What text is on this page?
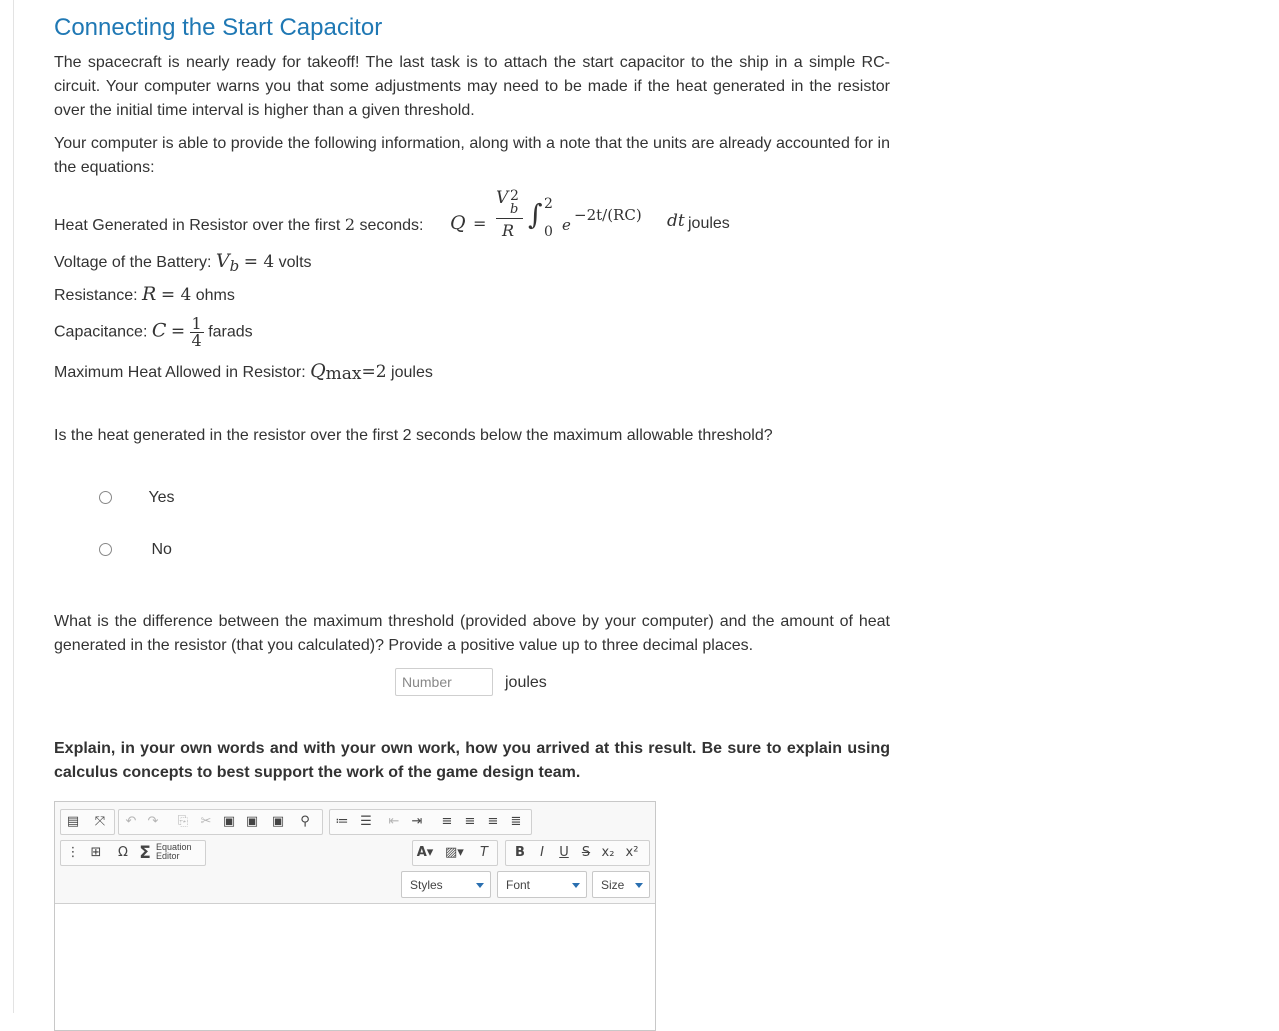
Connecting the Start Capacitor

The spacecraft is nearly ready for takeoff! The last task is to attach the start capacitor to the ship in a simple RC-circuit. Your computer warns you that some adjustments may need to be made if the heat generated in the resistor over the initial time interval is higher than a given threshold.

Your computer is able to provide the following information, along with a note that the units are already accounted for in the equations:

Heat Generated in Resistor over the first 2 seconds: Q =
V 2
b
R ∫ 2
0 e
−2t/(RC) dt joules
Voltage of the Battery: $V_b = 4$ volts
Resistance: R = 4 ohms
Capacitance: $C = \frac{1}{4}$ farads
Maximum Heat Allowed in Resistor: $Q_{max}=2$ joules
Is the heat generated in the resistor over the first 2 seconds below the maximum allowable threshold?
Yes
No

What is the difference between the maximum threshold (provided above by your computer) and the amount of heat generated in the resistor (that you calculated)? Provide a positive value up to three decimal places.

Number
joules

Explain, in your own words and with your own work, how you arrived at this result. Be sure to explain using calculus concepts to best support the work of the game design team.

▤ ⤧ ↶ ↷ ⎘ ✂ ▣ ▣ ▣	⚲	≔ ☰ ⇤ ⇥ ≡ ≡ ≡ ≣
⋮ ⊞	Ω Σ Equation
Editor	A▾ ▨▾	T	B	I	U	S x₂ x²
Styles	Font	Size
